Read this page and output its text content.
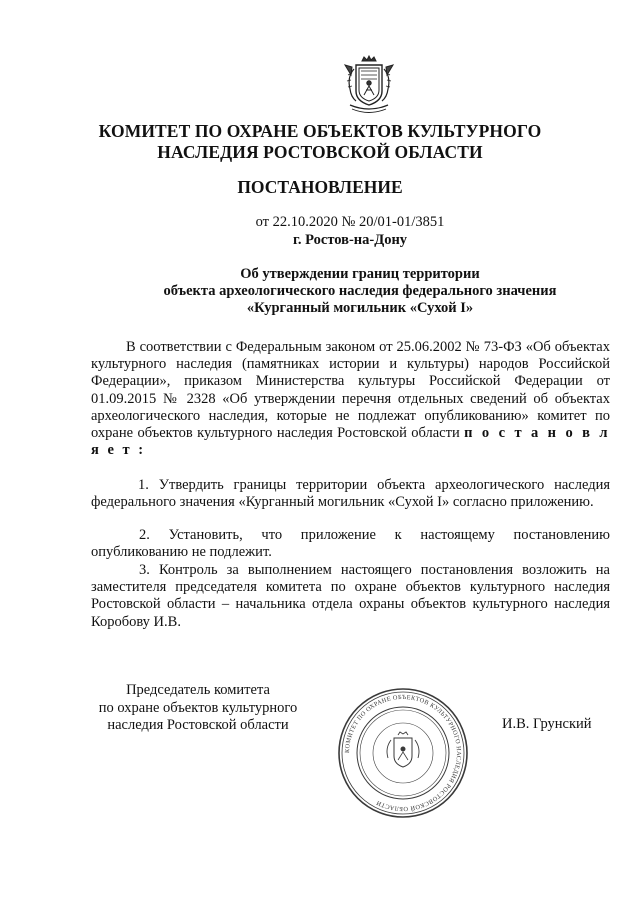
КОМИТЕТ ПО ОХРАНЕ ОБЪЕКТОВ КУЛЬТУРНОГО
НАСЛЕДИЯ РОСТОВСКОЙ ОБЛАСТИ
ПОСТАНОВЛЕНИЕ
от 22.10.2020 № 20/01-01/3851
г. Ростов-на-Дону
Об утверждении границ территории
объекта археологического наследия федерального значения
«Курганный могильник «Сухой I»

В соответствии с Федеральным законом от 25.06.2002 № 73-ФЗ «Об объектах культурного наследия (памятниках истории и культуры) народов Российской Федерации», приказом Министерства культуры Российской Федерации от 01.09.2015 № 2328 «Об утверждении перечня отдельных сведений об объектах археологического наследия, которые не подлежат опубликованию» комитет по охране объектов культурного наследия Ростовской области п о с т а н о в л я е т :

1. Утвердить границы территории объекта археологического наследия федерального значения «Курганный могильник «Сухой I» согласно приложению.

2. Установить, что приложение к настоящему постановлению опубликованию не подлежит.

3. Контроль за выполнением настоящего постановления возложить на заместителя председателя комитета по охране объектов культурного наследия Ростовской области – начальника отдела охраны объектов культурного наследия Коробову И.В.

Председатель комитета
по охране объектов культурного
наследия Ростовской области
КОМИТЕТ ПО ОХРАНЕ ОБЪЕКТОВ КУЛЬТУРНОГО НАСЛЕДИЯ РОСТОВСКОЙ ОБЛАСТИ
И.В. Грунский
